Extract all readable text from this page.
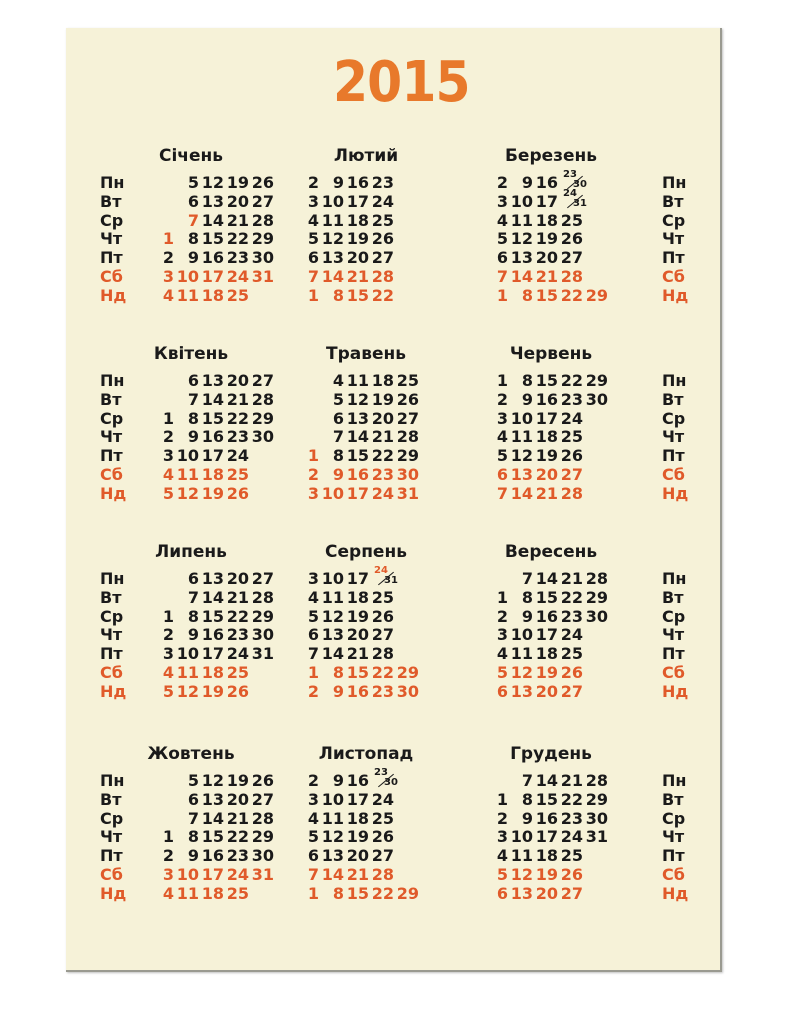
2015
Січень
Пн
Вт
Ср
Чт
Пт
Сб
Нд
5 12 19 26
6 13 20 27
7 14 21 28
1 8 15 22 29
2 9 16 23 30
3 10 17 24 31
4 11 18 25
Лютий
2 9 16 23
3 10 17 24
4 11 18 25
5 12 19 26
6 13 20 27
7 14 21 28
1 8 15 22
Березень
Пн
Вт
Ср
Чт
Пт
Сб
Нд
2 9 16 23
30
3 10 17 24
31
4 11 18 25
5 12 19 26
6 13 20 27
7 14 21 28
1 8 15 22 29
Квітень
Пн
Вт
Ср
Чт
Пт
Сб
Нд
6 13 20 27
7 14 21 28
1 8 15 22 29
2 9 16 23 30
3 10 17 24
4 11 18 25
5 12 19 26
Травень
4 11 18 25
5 12 19 26
6 13 20 27
7 14 21 28
1 8 15 22 29
2 9 16 23 30
3 10 17 24 31
Червень
Пн
Вт
Ср
Чт
Пт
Сб
Нд
1 8 15 22 29
2 9 16 23 30
3 10 17 24
4 11 18 25
5 12 19 26
6 13 20 27
7 14 21 28
Липень
Пн
Вт
Ср
Чт
Пт
Сб
Нд
6 13 20 27
7 14 21 28
1 8 15 22 29
2 9 16 23 30
3 10 17 24 31
4 11 18 25
5 12 19 26
Серпень
3 10 17 24
31
4 11 18 25
5 12 19 26
6 13 20 27
7 14 21 28
1 8 15 22 29
2 9 16 23 30
Вересень
Пн
Вт
Ср
Чт
Пт
Сб
Нд
7 14 21 28
1 8 15 22 29
2 9 16 23 30
3 10 17 24
4 11 18 25
5 12 19 26
6 13 20 27
Жовтень
Пн
Вт
Ср
Чт
Пт
Сб
Нд
5 12 19 26
6 13 20 27
7 14 21 28
1 8 15 22 29
2 9 16 23 30
3 10 17 24 31
4 11 18 25
Листопад
2 9 16 23
30
3 10 17 24
4 11 18 25
5 12 19 26
6 13 20 27
7 14 21 28
1 8 15 22 29
Грудень
Пн
Вт
Ср
Чт
Пт
Сб
Нд
7 14 21 28
1 8 15 22 29
2 9 16 23 30
3 10 17 24 31
4 11 18 25
5 12 19 26
6 13 20 27
